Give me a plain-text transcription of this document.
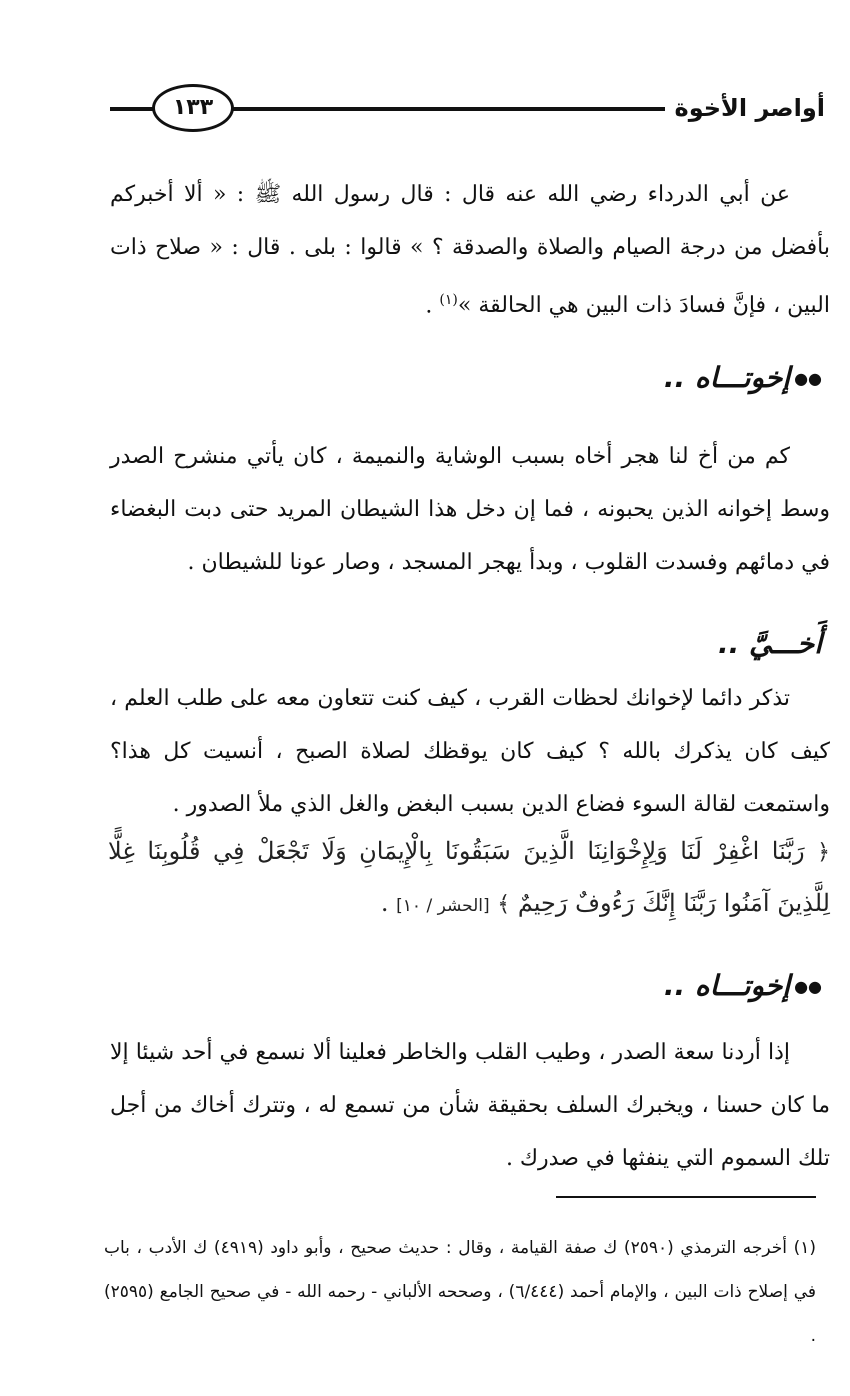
أواصر الأخوة
١٣٣

عن أبي الدرداء رضي الله عنه قال : قال رسول الله ﷺ : « ألا أخبركم بأفضل من درجة الصيام والصلاة والصدقة ؟ » قالوا : بلى . قال : « صلاح ذات البين ، فإنَّ فسادَ ذات البين هي الحالقة »$^{(١)}$ .

●●إخوتـــاه ..

كم من أخ لنا هجر أخاه بسبب الوشاية والنميمة ، كان يأتي منشرح الصدر وسط إخوانه الذين يحبونه ، فما إن دخل هذا الشيطان المريد حتى دبت البغضاء في دمائهم وفسدت القلوب ، وبدأ يهجر المسجد ، وصار عونا للشيطان .

أَخـــيَّ ..

تذكر دائما لإخوانك لحظات القرب ، كيف كنت تتعاون معه على طلب العلم ، كيف كان يذكرك بالله ؟ كيف كان يوقظك لصلاة الصبح ، أنسيت كل هذا؟ واستمعت لقالة السوء فضاع الدين بسبب البغض والغل الذي ملأ الصدور .

﴿ رَبَّنَا اغْفِرْ لَنَا وَلِإِخْوَانِنَا الَّذِينَ سَبَقُونَا بِالْإِيمَانِ وَلَا تَجْعَلْ فِي قُلُوبِنَا غِلًّا لِلَّذِينَ آمَنُوا رَبَّنَا إِنَّكَ رَءُوفٌ رَحِيمٌ ﴾ [الحشر / ١٠] .

●●إخوتـــاه ..

إذا أردنا سعة الصدر ، وطيب القلب والخاطر فعلينا ألا نسمع في أحد شيئا إلا ما كان حسنا ، ويخبرك السلف بحقيقة شأن من تسمع له ، وتترك أخاك من أجل تلك السموم التي ينفثها في صدرك .

(١) أخرجه الترمذي (٢٥٩٠) ك صفة القيامة ، وقال : حديث صحيح ، وأبو داود (٤٩١٩) ك الأدب ، باب في إصلاح ذات البين ، والإمام أحمد (٦/٤٤٤) ، وصححه الألباني - رحمه الله - في صحيح الجامع (٢٥٩٥) .
